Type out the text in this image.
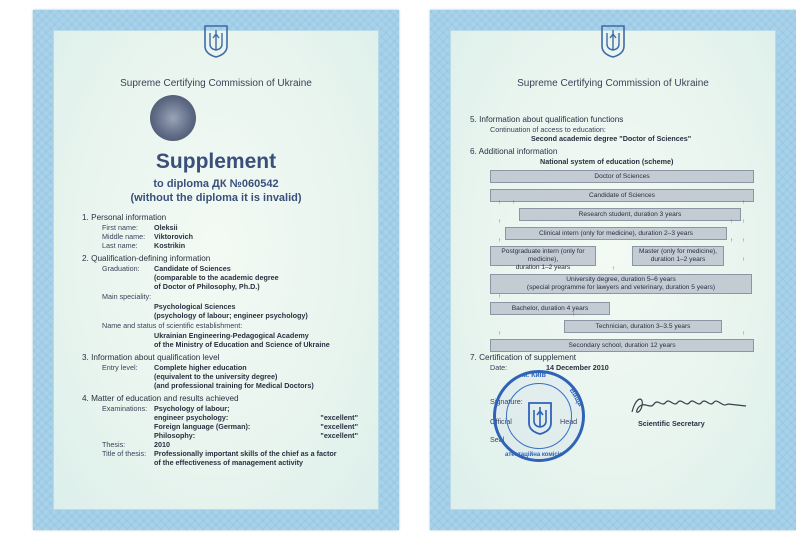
Supreme Certifying Commission of Ukraine
Supplement
to diploma ДК №060542
(without the diploma it is invalid)
1. Personal information
First name: Oleksii
Middle name: Viktorovich
Last name: Kostrikin
2. Qualification-defining information
Graduation: Candidate of Sciences
(comparable to the academic degree
of Doctor of Philosophy, Ph.D.)
Main speciality:
Psychological Sciences
(psychology of labour; engineer psychology)
Name and status of scientific establishment:
Ukrainian Engineering-Pedagogical Academy
of the Ministry of Education and Science of Ukraine
3. Information about qualification level
Entry level: Complete higher education
(equivalent to the university degree)
(and professional training for Medical Doctors)
4. Matter of education and results achieved
Examinations: Psychology of labour;
engineer psychology:	"excellent"
Foreign language (German):	"excellent"
Philosophy:	"excellent"
Thesis:	2010
Title of thesis: Professionally important skills of the chief as a factor
of the effectiveness of management activity
Supreme Certifying Commission of Ukraine
5. Information about qualification functions
Continuation of access to education:
Second academic degree "Doctor of Sciences"
6. Additional information
National system of education (scheme)
Doctor of Sciences
Candidate of Sciences
Research student, duration 3 years
Clinical intern (only for medicine), duration 2–3 years
Postgraduate intern (only for medicine),
duration 1–2 years
Master (only for medicine),
duration 1–2 years
University degree, duration 5–6 years
(special programme for lawyers and veterinary, duration 5 years)
Bachelor, duration 4 years
Technician, duration 3–3.5 years
Secondary school, duration 12 years
↑
↑
↑
↑	↑
↑
↑
↑
↑
↑
↑
↑
↑
↑	↑
7. Certification of supplement
Date:	14 December 2010
Signature:
Official	Head
Seal
м. Київ
Вища
атестаційна комісія
Scientific Secretary
